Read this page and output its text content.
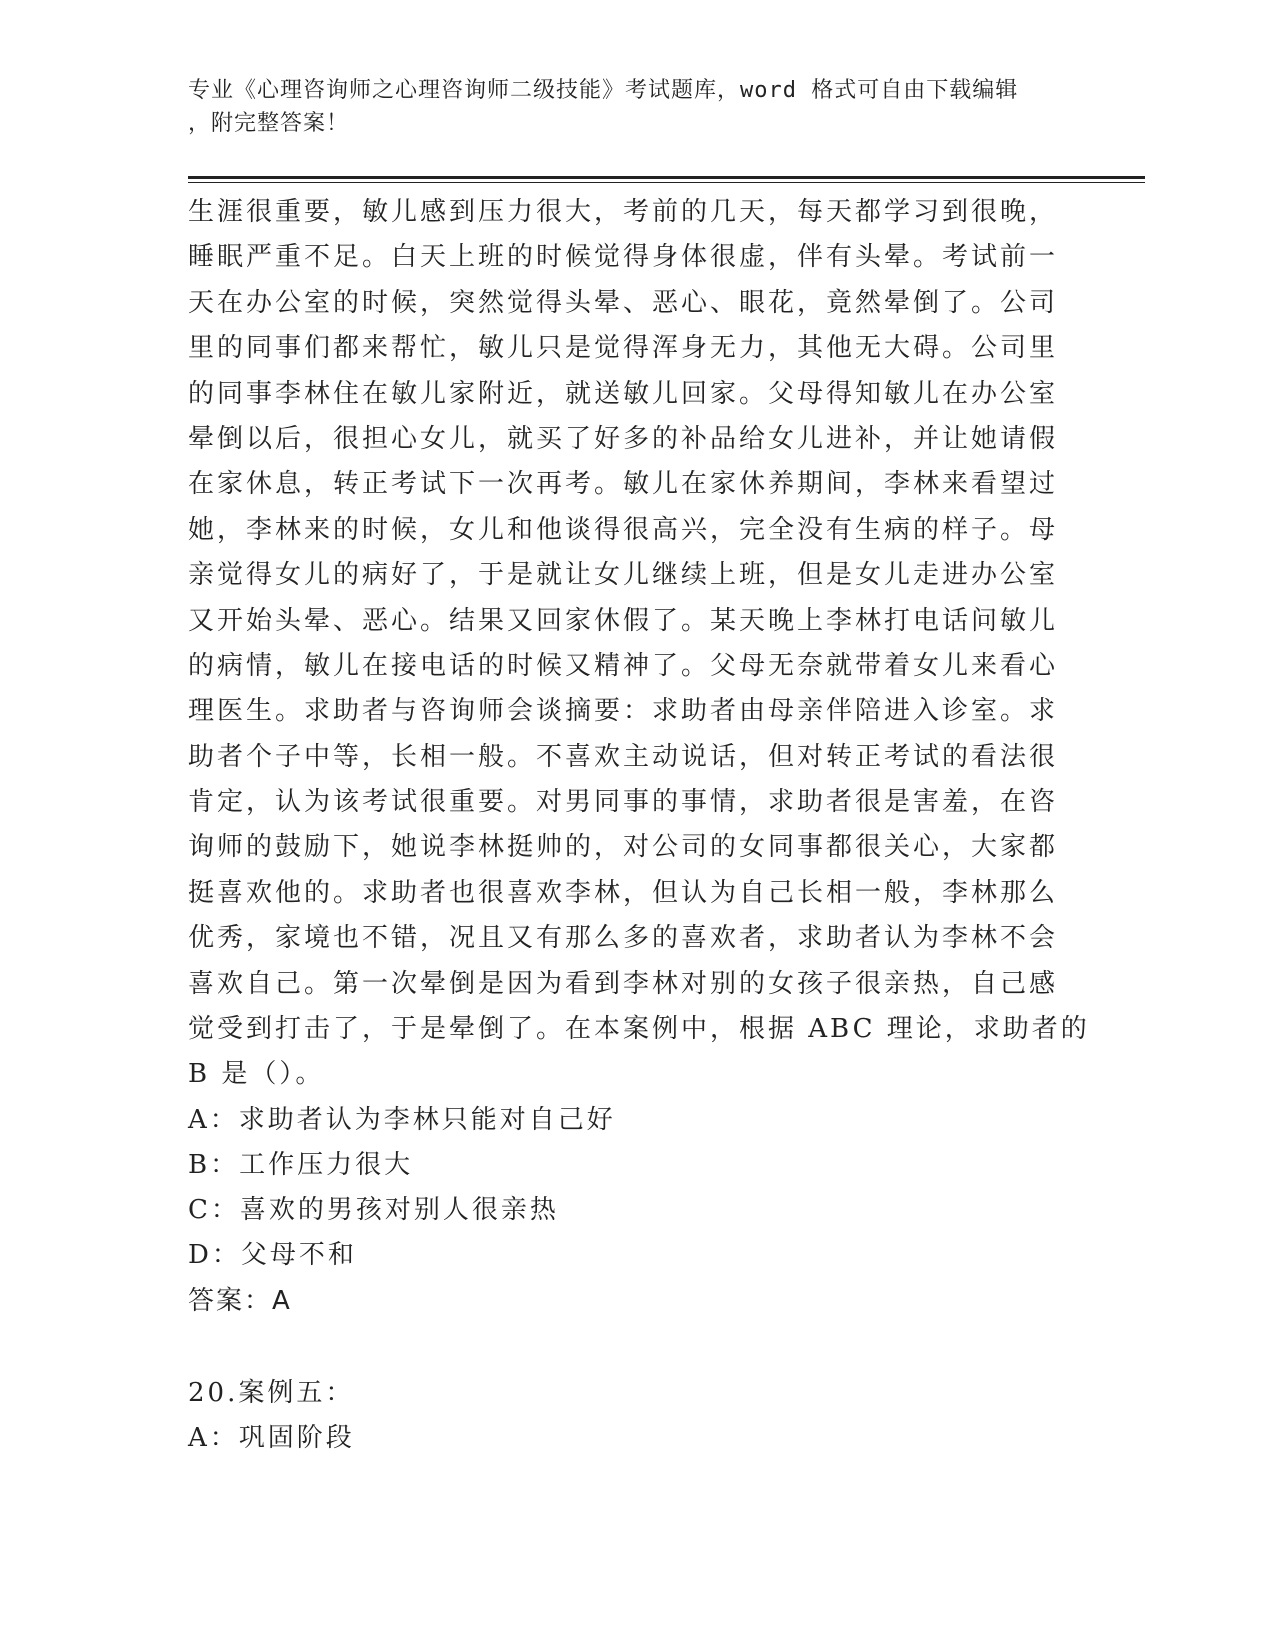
专业《心理咨询师之心理咨询师二级技能》考试题库，word 格式可自由下载编辑
，附完整答案！
生涯很重要，敏儿感到压力很大，考前的几天，每天都学习到很晚，
睡眠严重不足。白天上班的时候觉得身体很虚，伴有头晕。考试前一
天在办公室的时候，突然觉得头晕、恶心、眼花，竟然晕倒了。公司
里的同事们都来帮忙，敏儿只是觉得浑身无力，其他无大碍。公司里
的同事李林住在敏儿家附近，就送敏儿回家。父母得知敏儿在办公室
晕倒以后，很担心女儿，就买了好多的补品给女儿进补，并让她请假
在家休息，转正考试下一次再考。敏儿在家休养期间，李林来看望过
她，李林来的时候，女儿和他谈得很高兴，完全没有生病的样子。母
亲觉得女儿的病好了，于是就让女儿继续上班，但是女儿走进办公室
又开始头晕、恶心。结果又回家休假了。某天晚上李林打电话问敏儿
的病情，敏儿在接电话的时候又精神了。父母无奈就带着女儿来看心
理医生。求助者与咨询师会谈摘要：求助者由母亲伴陪进入诊室。求
助者个子中等，长相一般。不喜欢主动说话，但对转正考试的看法很
肯定，认为该考试很重要。对男同事的事情，求助者很是害羞，在咨
询师的鼓励下，她说李林挺帅的，对公司的女同事都很关心，大家都
挺喜欢他的。求助者也很喜欢李林，但认为自己长相一般，李林那么
优秀，家境也不错，况且又有那么多的喜欢者，求助者认为李林不会
喜欢自己。第一次晕倒是因为看到李林对别的女孩子很亲热，自己感
觉受到打击了，于是晕倒了。在本案例中，根据 ABC 理论，求助者的
B 是（）。
A：求助者认为李林只能对自己好
B：工作压力很大
C：喜欢的男孩对别人很亲热
D：父母不和
答案：A
20.案例五：
A：巩固阶段
